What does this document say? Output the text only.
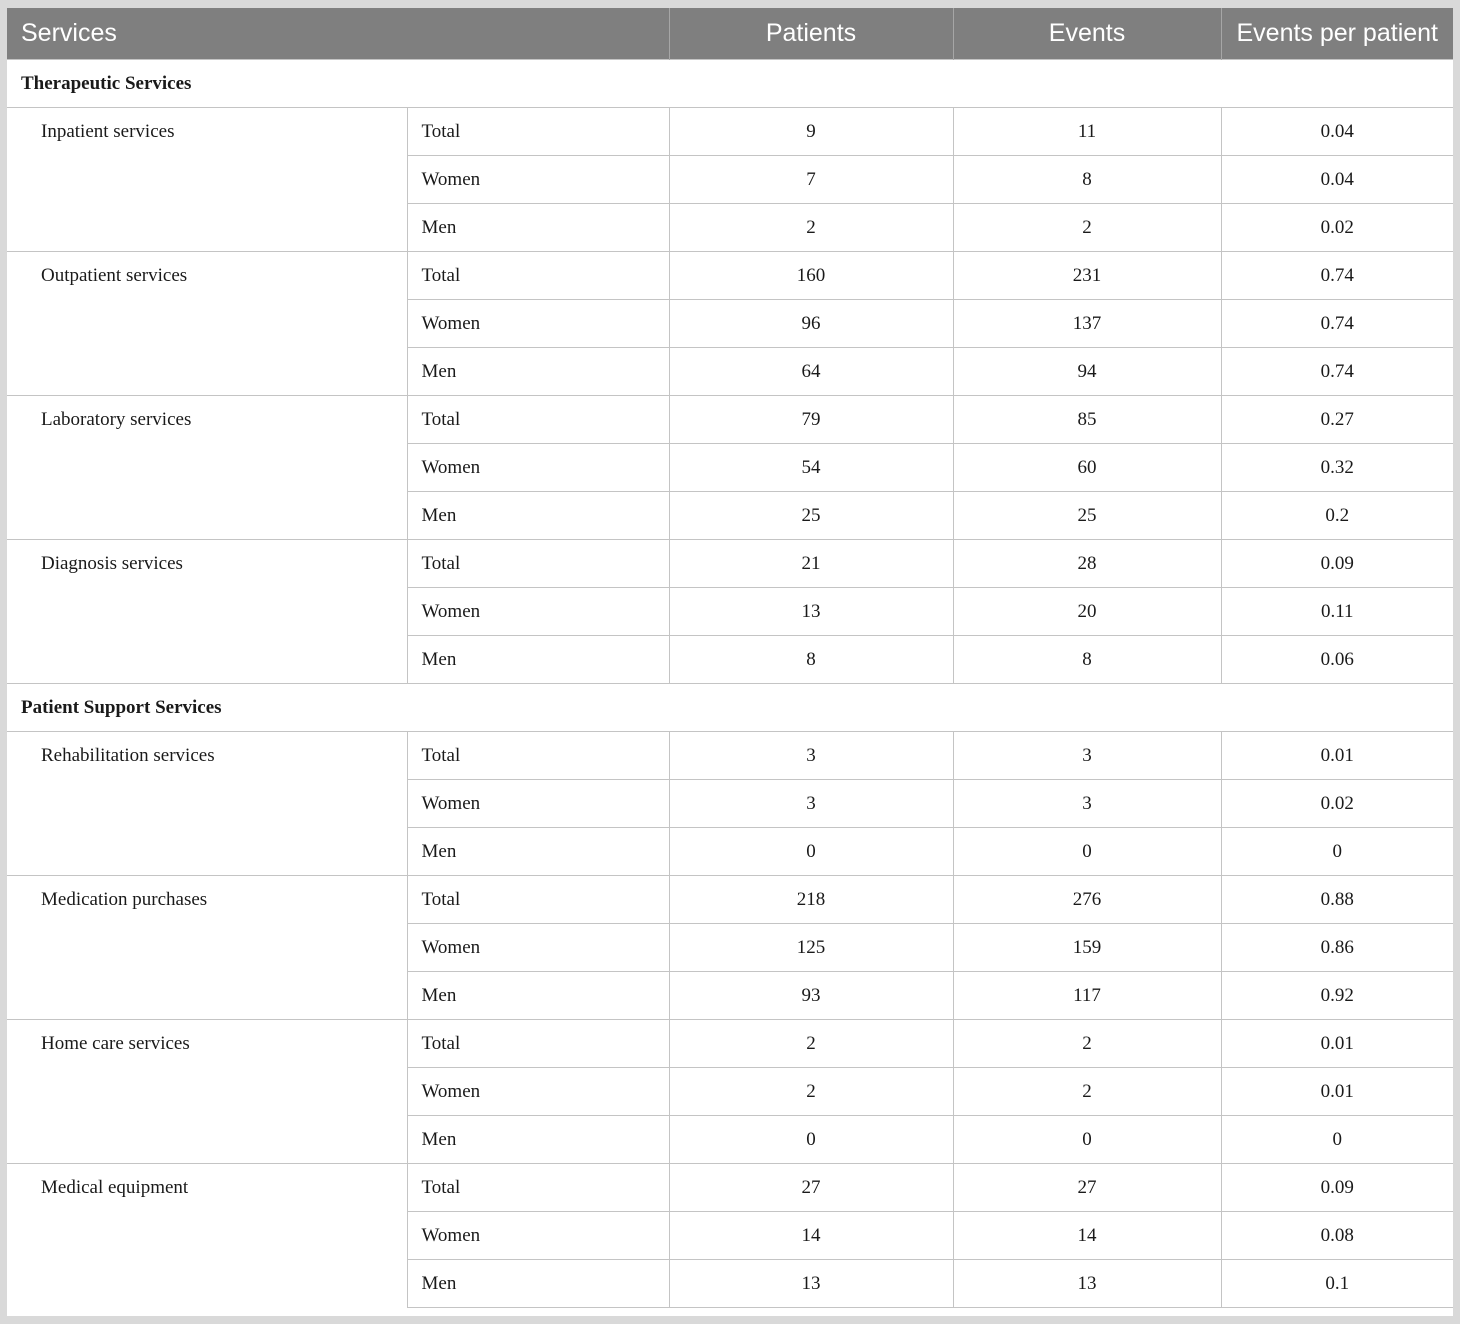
Services		Patients	Events	Events per patient
Therapeutic Services				
Inpatient services	Total	9	11	0.04
	Women	7	8	0.04
	Men	2	2	0.02
Outpatient services	Total	160	231	0.74
	Women	96	137	0.74
	Men	64	94	0.74
Laboratory services	Total	79	85	0.27
	Women	54	60	0.32
	Men	25	25	0.2
Diagnosis services	Total	21	28	0.09
	Women	13	20	0.11
	Men	8	8	0.06
Patient Support Services				
Rehabilitation services	Total	3	3	0.01
	Women	3	3	0.02
	Men	0	0	0
Medication purchases	Total	218	276	0.88
	Women	125	159	0.86
	Men	93	117	0.92
Home care services	Total	2	2	0.01
	Women	2	2	0.01
	Men	0	0	0
Medical equipment	Total	27	27	0.09
	Women	14	14	0.08
	Men	13	13	0.1
